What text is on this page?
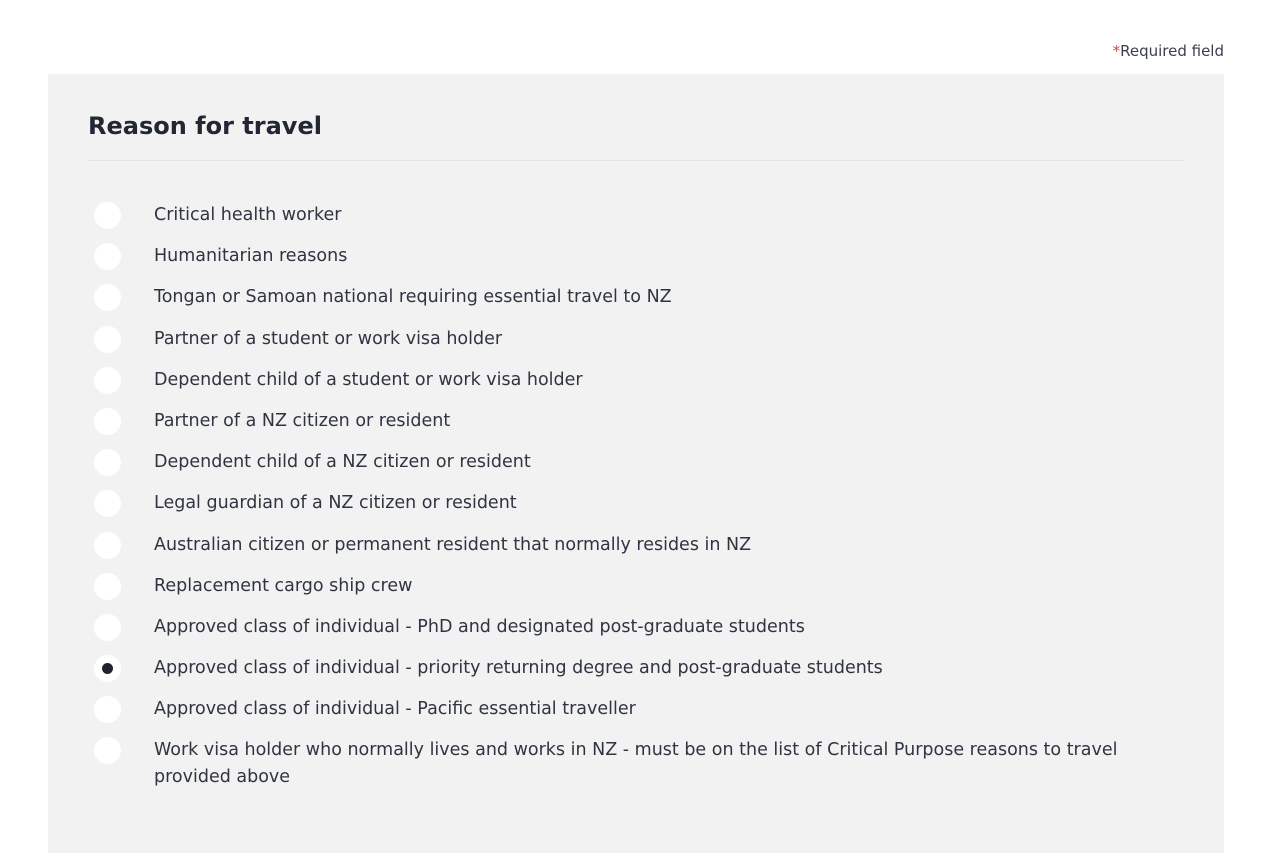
*Required field
Reason for travel
Critical health worker
Humanitarian reasons
Tongan or Samoan national requiring essential travel to NZ
Partner of a student or work visa holder
Dependent child of a student or work visa holder
Partner of a NZ citizen or resident
Dependent child of a NZ citizen or resident
Legal guardian of a NZ citizen or resident
Australian citizen or permanent resident that normally resides in NZ
Replacement cargo ship crew
Approved class of individual - PhD and designated post-graduate students
Approved class of individual - priority returning degree and post-graduate students
Approved class of individual - Pacific essential traveller
Work visa holder who normally lives and works in NZ - must be on the list of Critical Purpose reasons to travel provided above
